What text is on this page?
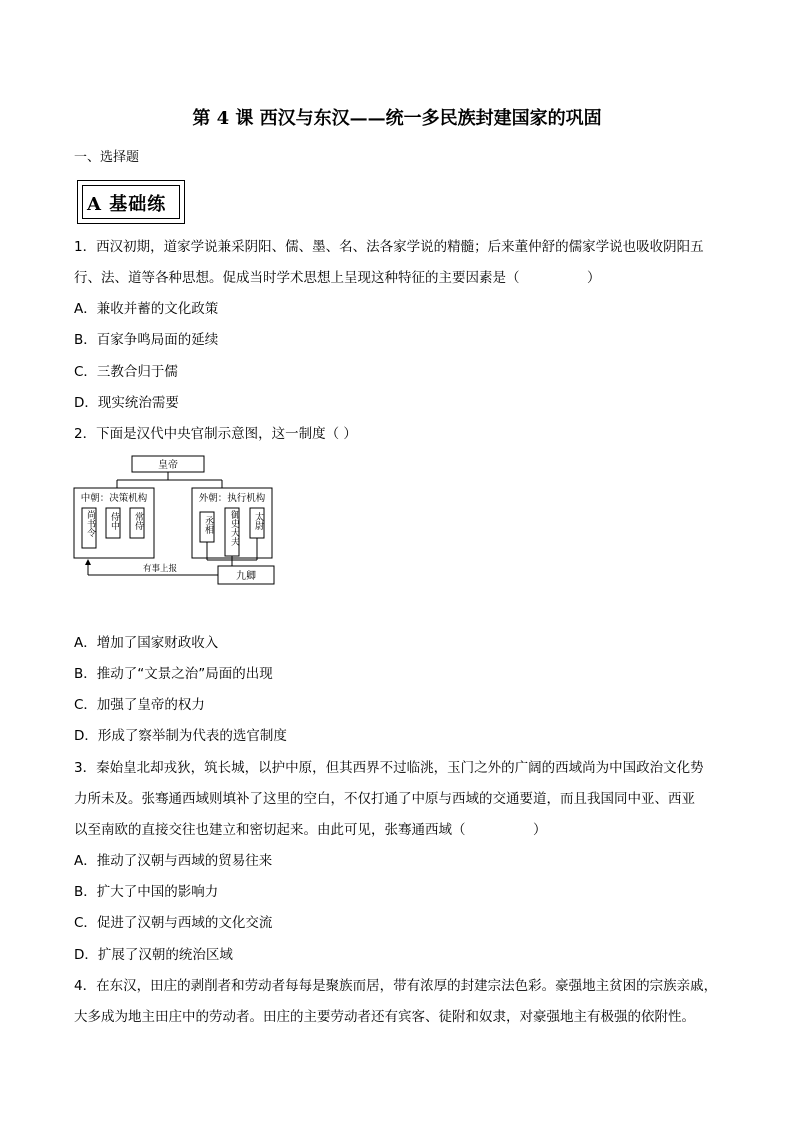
第 4 课 西汉与东汉——统一多民族封建国家的巩固
一、选择题
A 基础练
1．西汉初期，道家学说兼采阴阳、儒、墨、名、法各家学说的精髓；后来董仲舒的儒家学说也吸收阴阳五
行、法、道等各种思想。促成当时学术思想上呈现这种特征的主要因素是（　　　　　）
A．兼收并蓄的文化政策
B．百家争鸣局面的延续
C．三教合归于儒
D．现实统治需要
2．下面是汉代中央官制示意图，这一制度（ ）
皇帝
中朝：决策机构	外朝：执行机构
九卿
有事上报
尚书令 侍中 常侍	丞相 御史大夫 太尉
A．增加了国家财政收入
B．推动了“文景之治”局面的出现
C．加强了皇帝的权力
D．形成了察举制为代表的选官制度
3．秦始皇北却戎狄，筑长城，以护中原，但其西界不过临洮，玉门之外的广阔的西域尚为中国政治文化势
力所未及。张骞通西域则填补了这里的空白，不仅打通了中原与西域的交通要道，而且我国同中亚、西亚
以至南欧的直接交往也建立和密切起来。由此可见，张骞通西域（　　　　　）
A．推动了汉朝与西域的贸易往来
B．扩大了中国的影响力
C．促进了汉朝与西域的文化交流
D．扩展了汉朝的统治区域
4．在东汉，田庄的剥削者和劳动者每每是聚族而居，带有浓厚的封建宗法色彩。豪强地主贫困的宗族亲戚，
大多成为地主田庄中的劳动者。田庄的主要劳动者还有宾客、徒附和奴隶，对豪强地主有极强的依附性。
